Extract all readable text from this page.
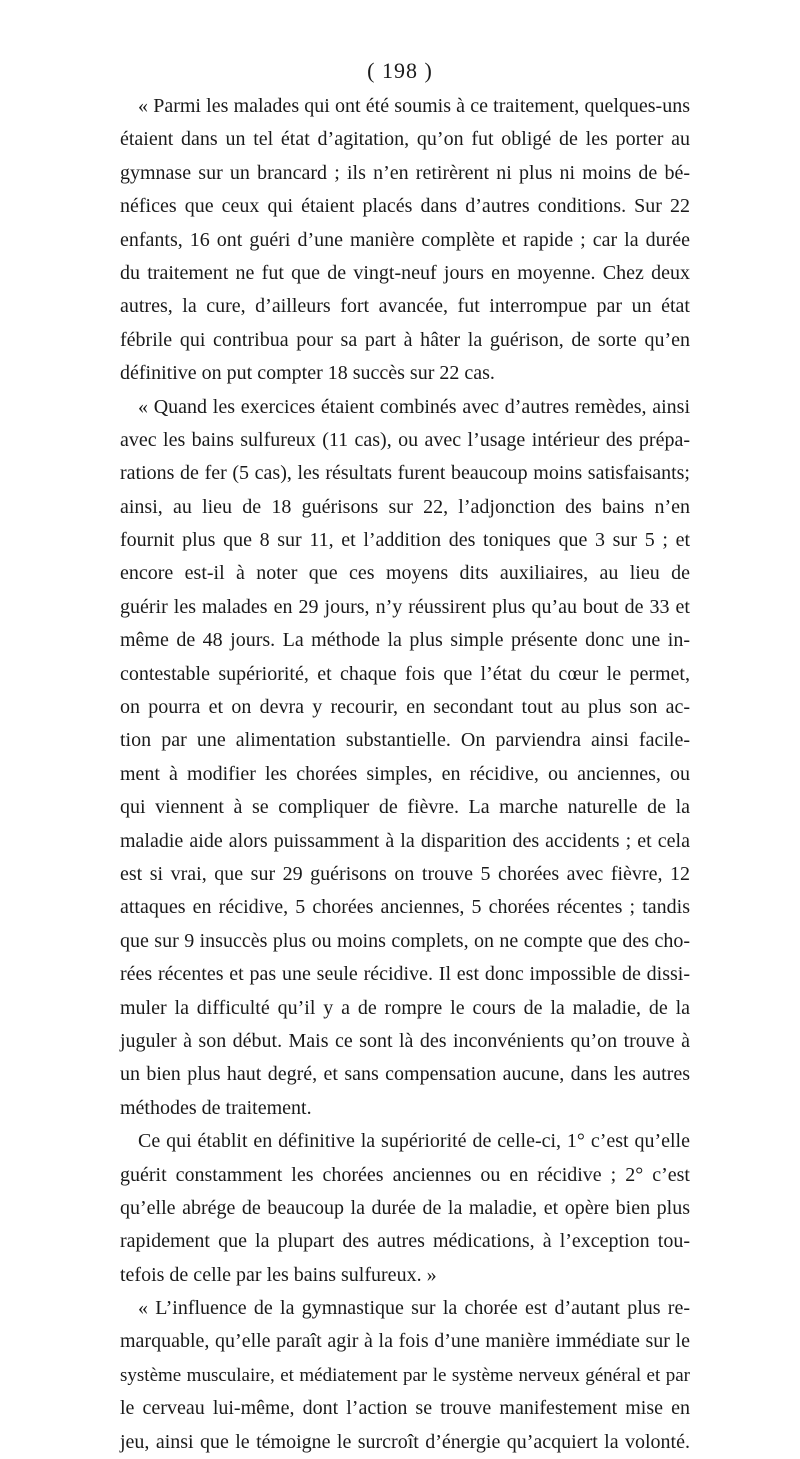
( 198 )
« Parmi les malades qui ont été soumis à ce traitement, quelques-uns
étaient dans un tel état d’agitation, qu’on fut obligé de les porter au
gymnase sur un brancard ; ils n’en retirèrent ni plus ni moins de bé-
néfices que ceux qui étaient placés dans d’autres conditions. Sur 22
enfants, 16 ont guéri d’une manière complète et rapide ; car la durée
du traitement ne fut que de vingt-neuf jours en moyenne. Chez deux
autres, la cure, d’ailleurs fort avancée, fut interrompue par un état
fébrile qui contribua pour sa part à hâter la guérison, de sorte qu’en
définitive on put compter 18 succès sur 22 cas.
« Quand les exercices étaient combinés avec d’autres remèdes, ainsi
avec les bains sulfureux (11 cas), ou avec l’usage intérieur des prépa-
rations de fer (5 cas), les résultats furent beaucoup moins satisfaisants;
ainsi, au lieu de 18 guérisons sur 22, l’adjonction des bains n’en
fournit plus que 8 sur 11, et l’addition des toniques que 3 sur 5 ; et
encore est-il à noter que ces moyens dits auxiliaires, au lieu de
guérir les malades en 29 jours, n’y réussirent plus qu’au bout de 33 et
même de 48 jours. La méthode la plus simple présente donc une in-
contestable supériorité, et chaque fois que l’état du cœur le permet,
on pourra et on devra y recourir, en secondant tout au plus son ac-
tion par une alimentation substantielle. On parviendra ainsi facile-
ment à modifier les chorées simples, en récidive, ou anciennes, ou
qui viennent à se compliquer de fièvre. La marche naturelle de la
maladie aide alors puissamment à la disparition des accidents ; et cela
est si vrai, que sur 29 guérisons on trouve 5 chorées avec fièvre, 12
attaques en récidive, 5 chorées anciennes, 5 chorées récentes ; tandis
que sur 9 insuccès plus ou moins complets, on ne compte que des cho-
rées récentes et pas une seule récidive. Il est donc impossible de dissi-
muler la difficulté qu’il y a de rompre le cours de la maladie, de la
juguler à son début. Mais ce sont là des inconvénients qu’on trouve à
un bien plus haut degré, et sans compensation aucune, dans les autres
méthodes de traitement.
Ce qui établit en définitive la supériorité de celle-ci, 1° c’est qu’elle
guérit constamment les chorées anciennes ou en récidive ; 2° c’est
qu’elle abrége de beaucoup la durée de la maladie, et opère bien plus
rapidement que la plupart des autres médications, à l’exception tou-
tefois de celle par les bains sulfureux. »
« L’influence de la gymnastique sur la chorée est d’autant plus re-
marquable, qu’elle paraît agir à la fois d’une manière immédiate sur le
système musculaire, et médiatement par le système nerveux général et par
le cerveau lui-même, dont l’action se trouve manifestement mise en
jeu, ainsi que le témoigne le surcroît d’énergie qu’acquiert la volonté.
